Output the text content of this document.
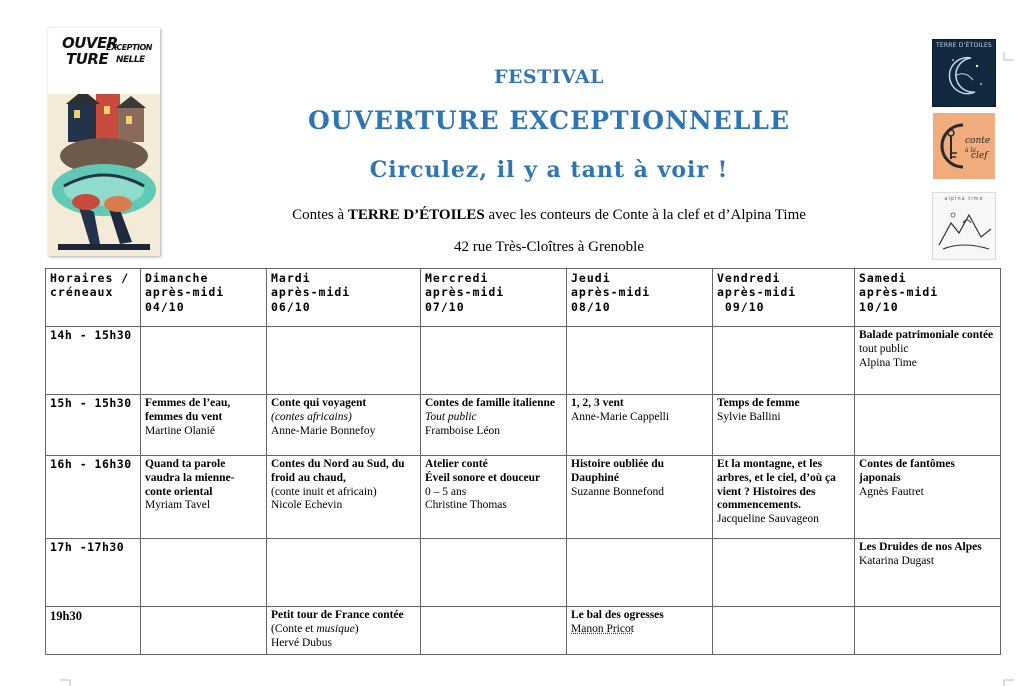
OUVER
TURE
EXCEPTION
NELLE
TERRE D’ÉTOILES
conte
à la
clef
alpina time
FESTIVAL
OUVERTURE EXCEPTIONNELLE
Circulez, il y a tant à voir !
Contes à TERRE D’ÉTOILES avec les conteurs de Conte à la clef et d’Alpina Time
42 rue Très-Cloîtres à Grenoble
Horaires /
créneaux	Dimanche
après-midi
04/10	Mardi
après-midi
06/10	Mercredi
après-midi
07/10	Jeudi
après-midi
08/10	Vendredi
après-midi
09/10	Samedi
après-midi
10/10
14h - 15h30						Balade patrimoniale contée
tout public
Alpina Time

15h - 15h30	Femmes de l’eau, femmes du vent
Martine Olanié	Conte qui voyagent
(contes africains)
Anne-Marie Bonnefoy	Contes de famille italienne
Tout public
Framboise Léon	1, 2, 3 vent
Anne-Marie Cappelli	Temps de femme
Sylvie Ballini	

16h - 16h30	Quand ta parole vaudra la mienne- conte oriental
Myriam Tavel	Contes du Nord au Sud, du froid au chaud,
(conte inuit et africain)
Nicole Echevin	Atelier conté
Éveil sonore et douceur
0 – 5 ans
Christine Thomas	Histoire oubliée du Dauphiné
Suzanne Bonnefond	Et la montagne, et les arbres, et le ciel, d’où ça vient ? Histoires des commencements.
Jacqueline Sauvageon	Contes de fantômes japonais
Agnès Fautret

17h -17h30						Les Druides de nos Alpes
Katarina Dugast

19h30		Petit tour de France contée
(Conte et musique)
Hervé Dubus		Le bal des ogresses
Manon Pricot		
